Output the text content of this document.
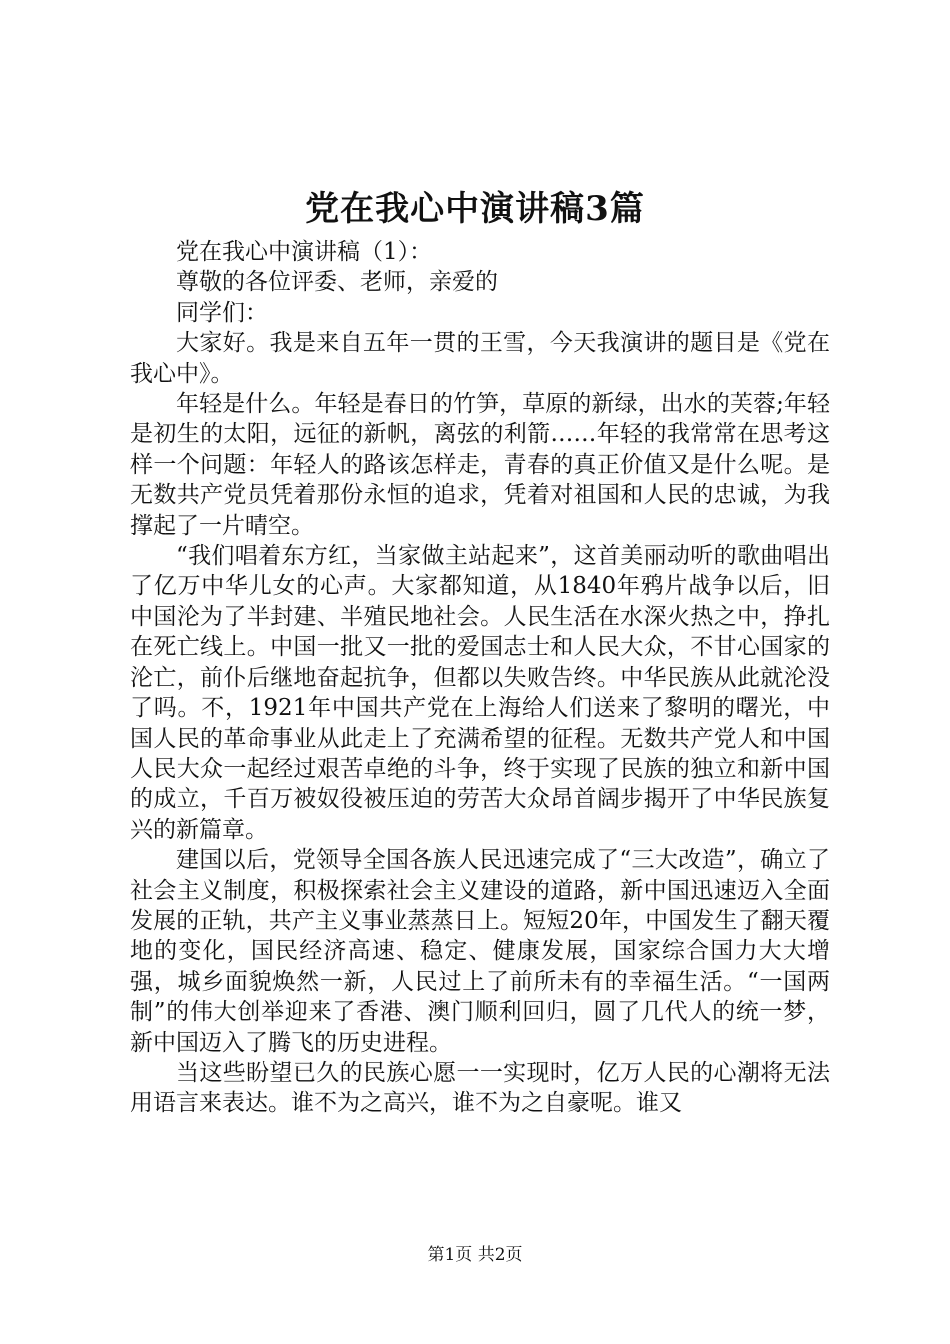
党在我心中演讲稿3篇

党在我心中演讲稿（1）：

尊敬的各位评委、老师，亲爱的

同学们：

大家好。我是来自五年一贯的王雪，今天我演讲的题目是《党在我心中》。

年轻是什么。年轻是春日的竹笋，草原的新绿，出水的芙蓉;年轻是初生的太阳，远征的新帆，离弦的利箭……年轻的我常常在思考这样一个问题：年轻人的路该怎样走，青春的真正价值又是什么呢。是无数共产党员凭着那份永恒的追求，凭着对祖国和人民的忠诚，为我撑起了一片晴空。

“我们唱着东方红，当家做主站起来”，这首美丽动听的歌曲唱出了亿万中华儿女的心声。大家都知道，从1840年鸦片战争以后，旧中国沦为了半封建、半殖民地社会。人民生活在水深火热之中，挣扎在死亡线上。中国一批又一批的爱国志士和人民大众，不甘心国家的沦亡，前仆后继地奋起抗争，但都以失败告终。中华民族从此就沦没了吗。不，1921年中国共产党在上海给人们送来了黎明的曙光，中国人民的革命事业从此走上了充满希望的征程。无数共产党人和中国人民大众一起经过艰苦卓绝的斗争，终于实现了民族的独立和新中国的成立，千百万被奴役被压迫的劳苦大众昂首阔步揭开了中华民族复兴的新篇章。

建国以后，党领导全国各族人民迅速完成了“三大改造”，确立了社会主义制度，积极探索社会主义建设的道路，新中国迅速迈入全面发展的正轨，共产主义事业蒸蒸日上。短短20年，中国发生了翻天覆地的变化，国民经济高速、稳定、健康发展，国家综合国力大大增强，城乡面貌焕然一新，人民过上了前所未有的幸福生活。“一国两制”的伟大创举迎来了香港、澳门顺利回归，圆了几代人的统一梦，新中国迈入了腾飞的历史进程。

当这些盼望已久的民族心愿一一实现时，亿万人民的心潮将无法用语言来表达。谁不为之高兴，谁不为之自豪呢。谁又

第1页 共2页
